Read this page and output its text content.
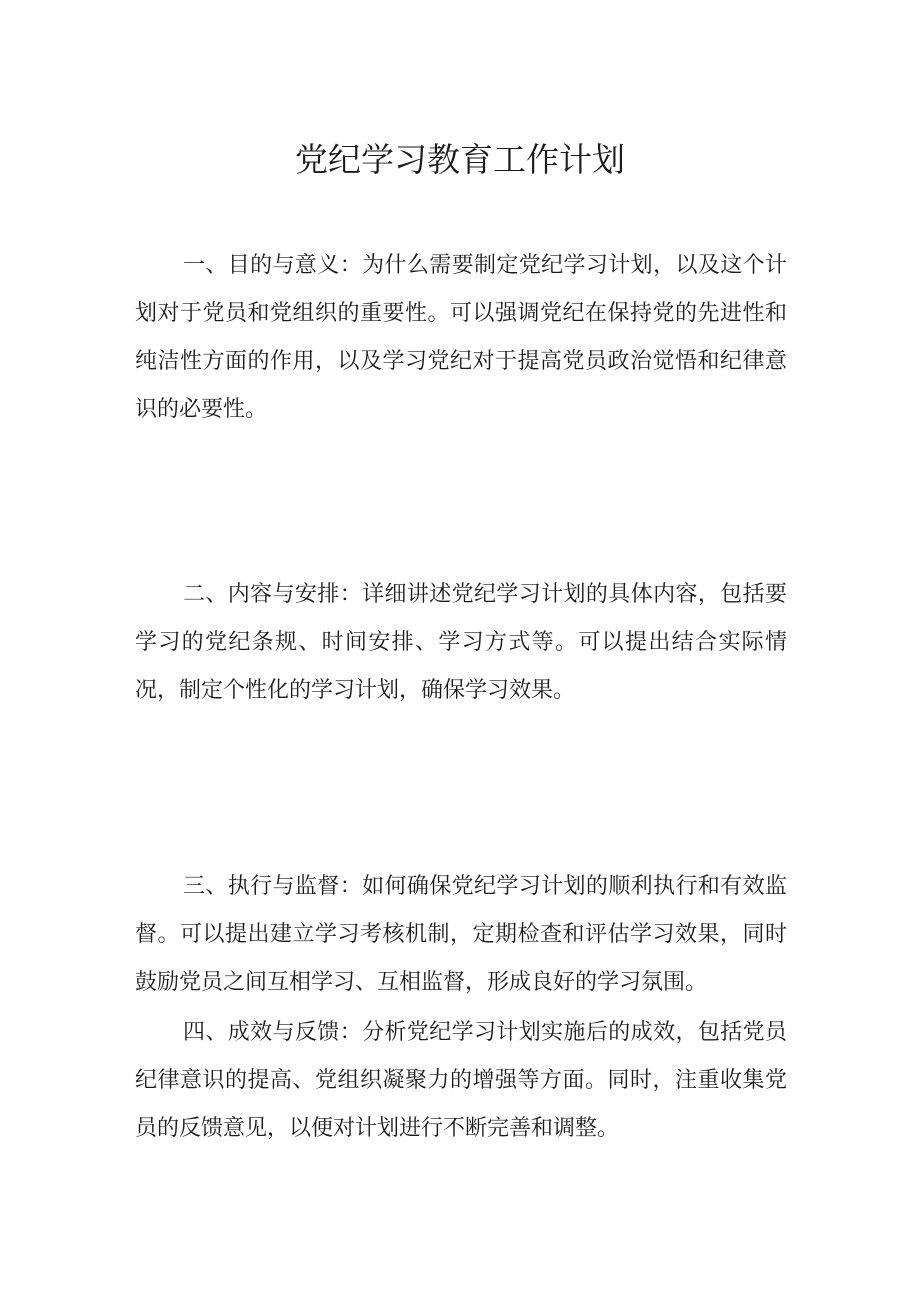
党纪学习教育工作计划

一、目的与意义：为什么需要制定党纪学习计划，以及这个计划对于党员和党组织的重要性。可以强调党纪在保持党的先进性和纯洁性方面的作用，以及学习党纪对于提高党员政治觉悟和纪律意识的必要性。

二、内容与安排：详细讲述党纪学习计划的具体内容，包括要学习的党纪条规、时间安排、学习方式等。可以提出结合实际情况，制定个性化的学习计划，确保学习效果。

三、执行与监督：如何确保党纪学习计划的顺利执行和有效监督。可以提出建立学习考核机制，定期检查和评估学习效果，同时鼓励党员之间互相学习、互相监督，形成良好的学习氛围。

四、成效与反馈：分析党纪学习计划实施后的成效，包括党员纪律意识的提高、党组织凝聚力的增强等方面。同时，注重收集党员的反馈意见，以便对计划进行不断完善和调整。
